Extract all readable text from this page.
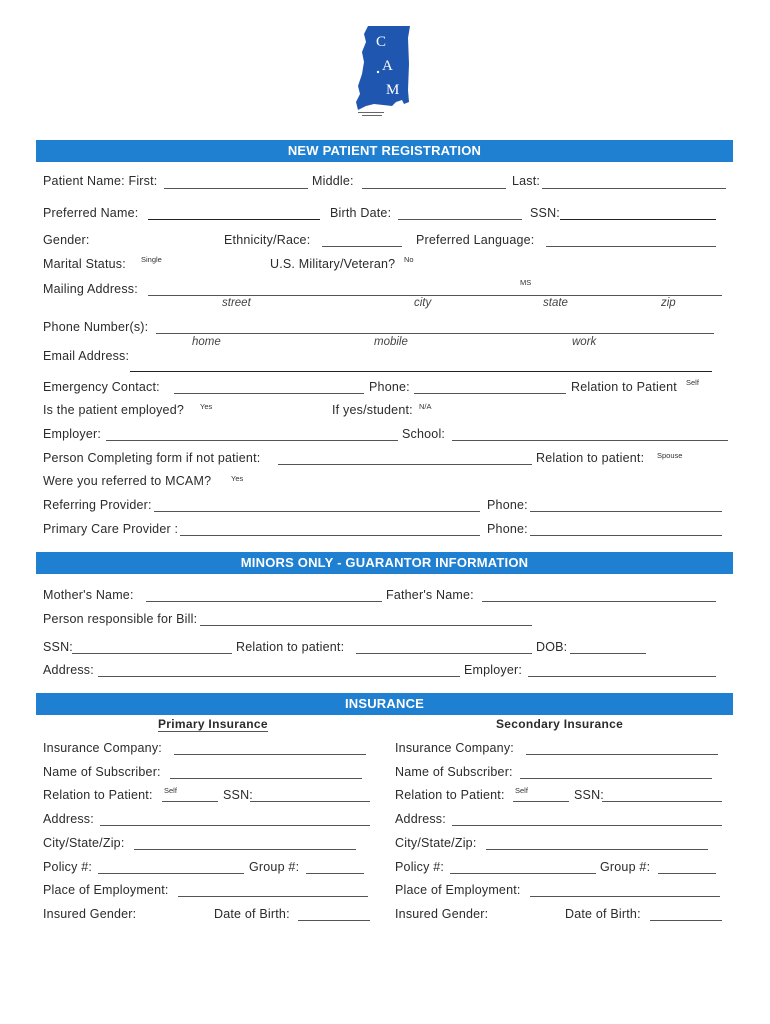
C
A
M
NEW PATIENT REGISTRATION
Patient Name: First:	Middle:	Last:
Preferred Name:	Birth Date:	SSN:
Gender:	Ethnicity/Race:	Preferred Language:
Marital Status: Single	U.S. Military/Veteran? No
Mailing Address:	MS
street	city	state	zip
Phone Number(s):
home	mobile	work
Email Address:
Emergency Contact:	Phone:	Relation to Patient Self
Is the patient employed? Yes	If yes/student: N/A
Employer:	School:
Person Completing form if not patient:	Relation to patient: Spouse
Were you referred to MCAM?	Yes
Referring Provider:	Phone:
Primary Care Provider :	Phone:
MINORS ONLY - GUARANTOR INFORMATION
Mother's Name:	Father's Name:
Person responsible for Bill:
SSN:	Relation to patient:	DOB:
Address:	Employer:
INSURANCE
Primary Insurance
Insurance Company:
Name of Subscriber:
Relation to Patient: Self	SSN:
Address:
City/State/Zip:
Policy #:	Group #:
Place of Employment:
Insured Gender:	Date of Birth:
Secondary Insurance
Insurance Company:
Name of Subscriber:
Relation to Patient: Self	SSN:
Address:
City/State/Zip:
Policy #:	Group #:
Place of Employment:
Insured Gender:	Date of Birth:
